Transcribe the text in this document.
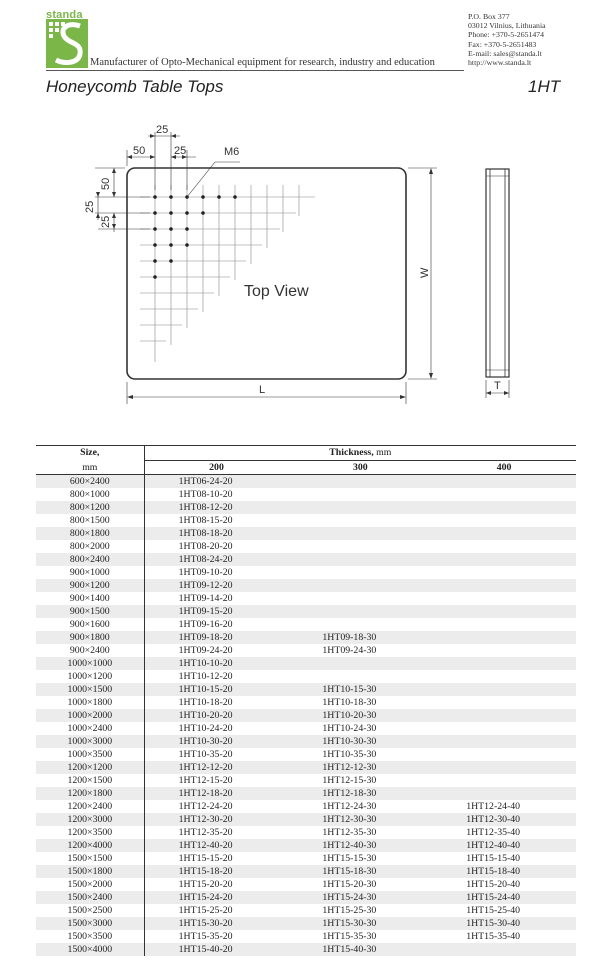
standa
Manufacturer of Opto-Mechanical equipment for research, industry and education
P.O. Box 377
03012 Vilnius, Lithuania
Phone: +370-5-2651474
Fax: +370-5-2651483
E-mail: sales@standa.lt
http://www.standa.lt
Honeycomb Table Tops	1HT
25
50	25	M6
50
25
25
Top View
W
L	T
Size,	Thickness, mm		
mm	200	300	400
600×2400	1HT06-24-20		
800×1000	1HT08-10-20		
800×1200	1HT08-12-20		
800×1500	1HT08-15-20		
800×1800	1HT08-18-20		
800×2000	1HT08-20-20		
800×2400	1HT08-24-20		
900×1000	1HT09-10-20		
900×1200	1HT09-12-20		
900×1400	1HT09-14-20		
900×1500	1HT09-15-20		
900×1600	1HT09-16-20		
900×1800	1HT09-18-20	1HT09-18-30	
900×2400	1HT09-24-20	1HT09-24-30	
1000×1000	1HT10-10-20		
1000×1200	1HT10-12-20		
1000×1500	1HT10-15-20	1HT10-15-30	
1000×1800	1HT10-18-20	1HT10-18-30	
1000×2000	1HT10-20-20	1HT10-20-30	
1000×2400	1HT10-24-20	1HT10-24-30	
1000×3000	1HT10-30-20	1HT10-30-30	
1000×3500	1HT10-35-20	1HT10-35-30	
1200×1200	1HT12-12-20	1HT12-12-30	
1200×1500	1HT12-15-20	1HT12-15-30	
1200×1800	1HT12-18-20	1HT12-18-30	
1200×2400	1HT12-24-20	1HT12-24-30	1HT12-24-40
1200×3000	1HT12-30-20	1HT12-30-30	1HT12-30-40
1200×3500	1HT12-35-20	1HT12-35-30	1HT12-35-40
1200×4000	1HT12-40-20	1HT12-40-30	1HT12-40-40
1500×1500	1HT15-15-20	1HT15-15-30	1HT15-15-40
1500×1800	1HT15-18-20	1HT15-18-30	1HT15-18-40
1500×2000	1HT15-20-20	1HT15-20-30	1HT15-20-40
1500×2400	1HT15-24-20	1HT15-24-30	1HT15-24-40
1500×2500	1HT15-25-20	1HT15-25-30	1HT15-25-40
1500×3000	1HT15-30-20	1HT15-30-30	1HT15-30-40
1500×3500	1HT15-35-20	1HT15-35-30	1HT15-35-40
1500×4000	1HT15-40-20	1HT15-40-30	
